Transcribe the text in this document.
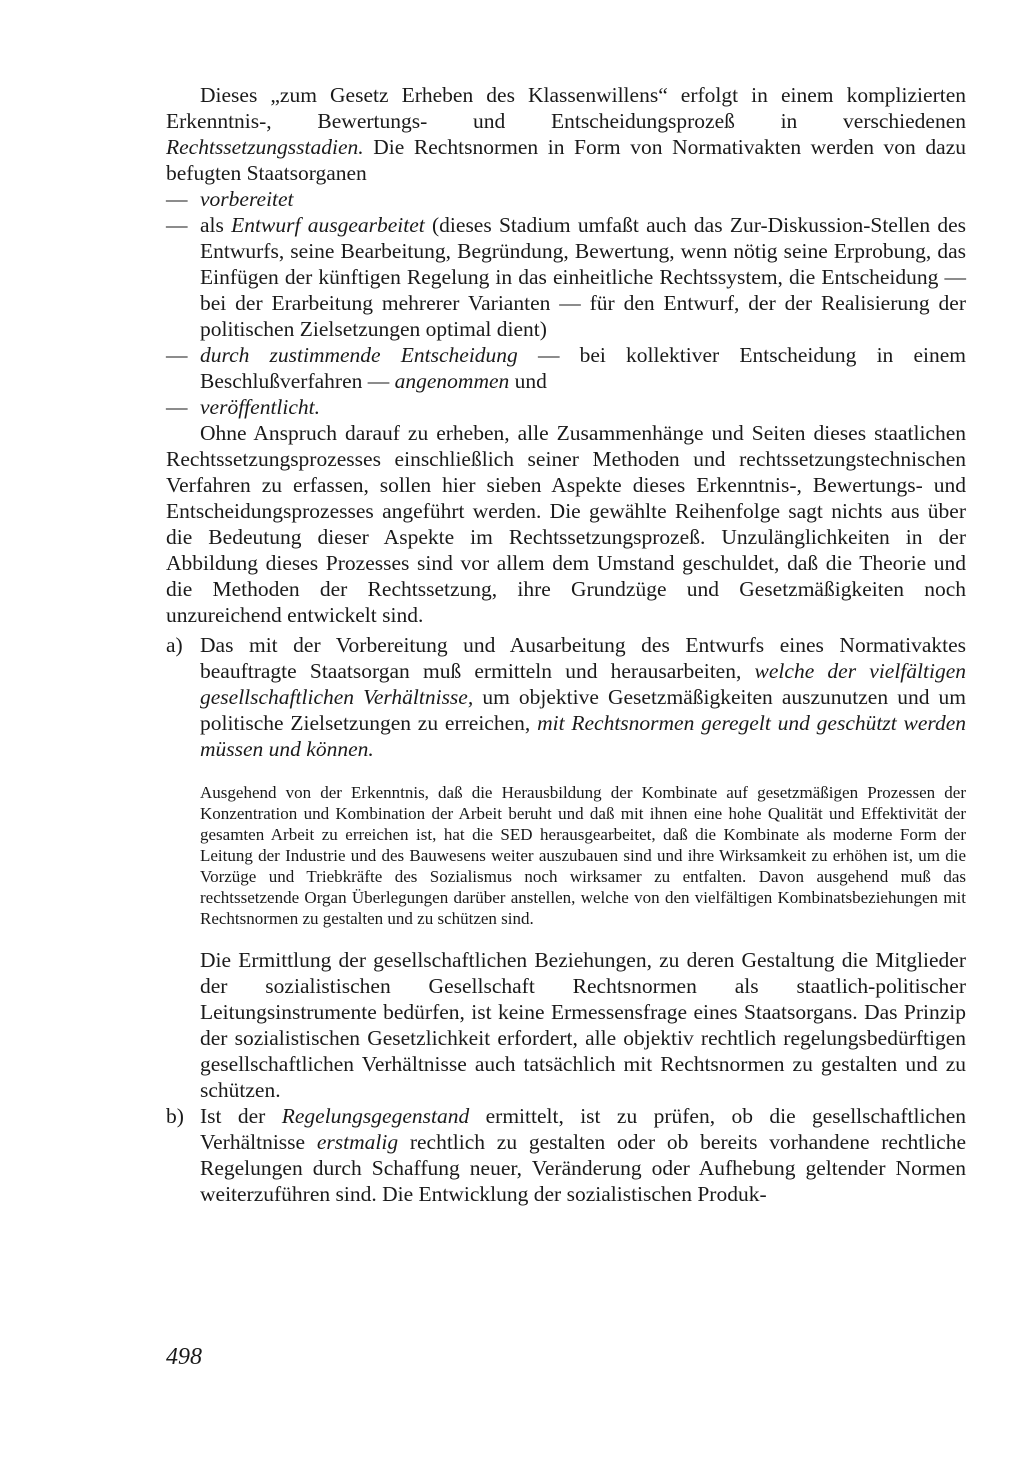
Dieses „zum Gesetz Erheben des Klassenwillens“ erfolgt in einem komplizierten Erkenntnis-, Bewertungs- und Entscheidungsprozeß in verschiedenen Rechtssetzungsstadien. Die Rechtsnormen in Form von Normativakten werden von dazu befugten Staatsorganen

— vorbereitet

— als Entwurf ausgearbeitet (dieses Stadium umfaßt auch das Zur-Diskussion-Stellen des Entwurfs, seine Bearbeitung, Begründung, Bewertung, wenn nötig seine Erprobung, das Einfügen der künftigen Regelung in das einheitliche Rechtssystem, die Entscheidung — bei der Erarbeitung mehrerer Varianten — für den Entwurf, der der Realisierung der politischen Zielsetzungen optimal dient)

— durch zustimmende Entscheidung — bei kollektiver Entscheidung in einem Beschlußverfahren — angenommen und

— veröffentlicht.

Ohne Anspruch darauf zu erheben, alle Zusammenhänge und Seiten dieses staatlichen Rechtssetzungsprozesses einschließlich seiner Methoden und rechtssetzungstechnischen Verfahren zu erfassen, sollen hier sieben Aspekte dieses Erkenntnis-, Bewertungs- und Entscheidungsprozesses angeführt werden. Die gewählte Reihenfolge sagt nichts aus über die Bedeutung dieser Aspekte im Rechtssetzungsprozeß. Unzulänglichkeiten in der Abbildung dieses Prozesses sind vor allem dem Umstand geschuldet, daß die Theorie und die Methoden der Rechtssetzung, ihre Grundzüge und Gesetzmäßigkeiten noch unzureichend entwickelt sind.

a) Das mit der Vorbereitung und Ausarbeitung des Entwurfs eines Normativaktes beauftragte Staatsorgan muß ermitteln und herausarbeiten, welche der vielfältigen gesellschaftlichen Verhältnisse, um objektive Gesetzmäßigkeiten auszunutzen und um politische Zielsetzungen zu erreichen, mit Rechtsnormen geregelt und geschützt werden müssen und können.

Ausgehend von der Erkenntnis, daß die Herausbildung der Kombinate auf gesetzmäßigen Prozessen der Konzentration und Kombination der Arbeit beruht und daß mit ihnen eine hohe Qualität und Effektivität der gesamten Arbeit zu erreichen ist, hat die SED herausgearbeitet, daß die Kombinate als moderne Form der Leitung der Industrie und des Bauwesens weiter auszubauen sind und ihre Wirksamkeit zu erhöhen ist, um die Vorzüge und Triebkräfte des Sozialismus noch wirksamer zu entfalten. Davon ausgehend muß das rechtssetzende Organ Überlegungen darüber anstellen, welche von den vielfältigen Kombinatsbeziehungen mit Rechtsnormen zu gestalten und zu schützen sind.

Die Ermittlung der gesellschaftlichen Beziehungen, zu deren Gestaltung die Mitglieder der sozialistischen Gesellschaft Rechtsnormen als staatlich-politischer Leitungsinstrumente bedürfen, ist keine Ermessensfrage eines Staatsorgans. Das Prinzip der sozialistischen Gesetzlichkeit erfordert, alle objektiv rechtlich regelungsbedürftigen gesellschaftlichen Verhältnisse auch tatsächlich mit Rechtsnormen zu gestalten und zu schützen.

b) Ist der Regelungsgegenstand ermittelt, ist zu prüfen, ob die gesellschaftlichen Verhältnisse erstmalig rechtlich zu gestalten oder ob bereits vorhandene rechtliche Regelungen durch Schaffung neuer, Veränderung oder Aufhebung geltender Normen weiterzuführen sind. Die Entwicklung der sozialistischen Produk-

498
